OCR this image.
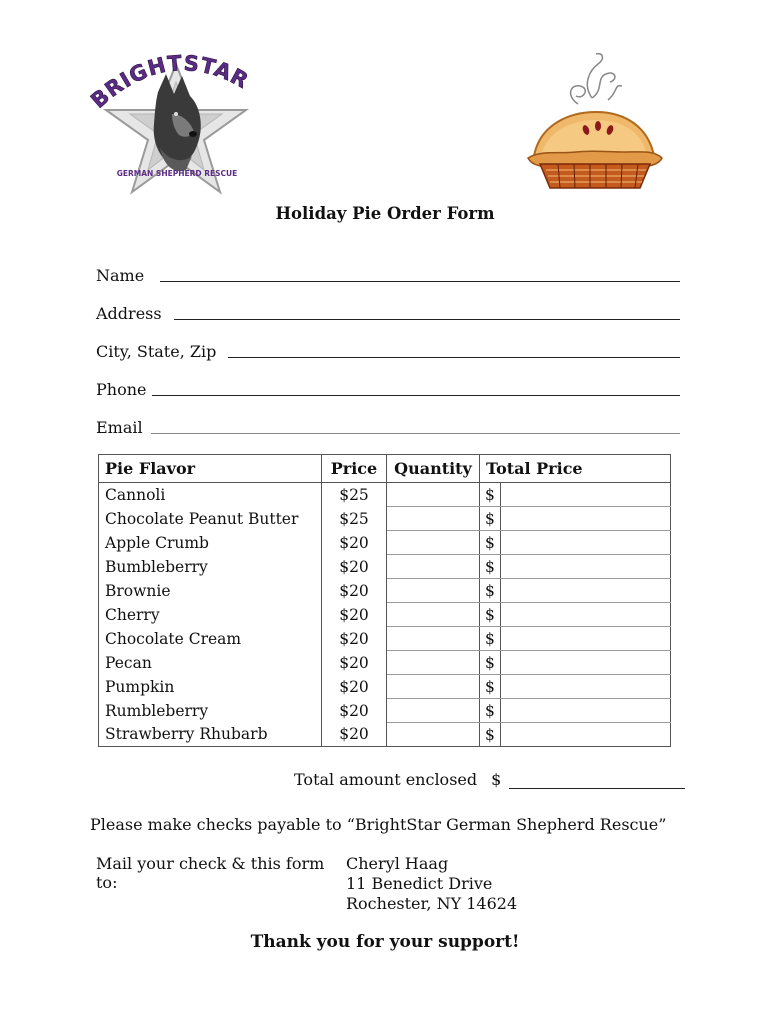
BRIGHTSTAR
GERMAN SHEPHERD RESCUE
Holiday Pie Order Form
Name
Address
City, State, Zip
Phone
Email
Pie Flavor	Price	Quantity	Total Price	
Cannoli	$25		$	
Chocolate Peanut Butter	$25		$	
Apple Crumb	$20		$	
Bumbleberry	$20		$	
Brownie	$20		$	
Cherry	$20		$	
Chocolate Cream	$20		$	
Pecan	$20		$	
Pumpkin	$20		$	
Rumbleberry	$20		$	
Strawberry Rhubarb	$20		$	
Total amount enclosed $
Please make checks payable to “BrightStar German Shepherd Rescue”
Mail your check & this form to:
Cheryl Haag
11 Benedict Drive
Rochester, NY 14624
Thank you for your support!
